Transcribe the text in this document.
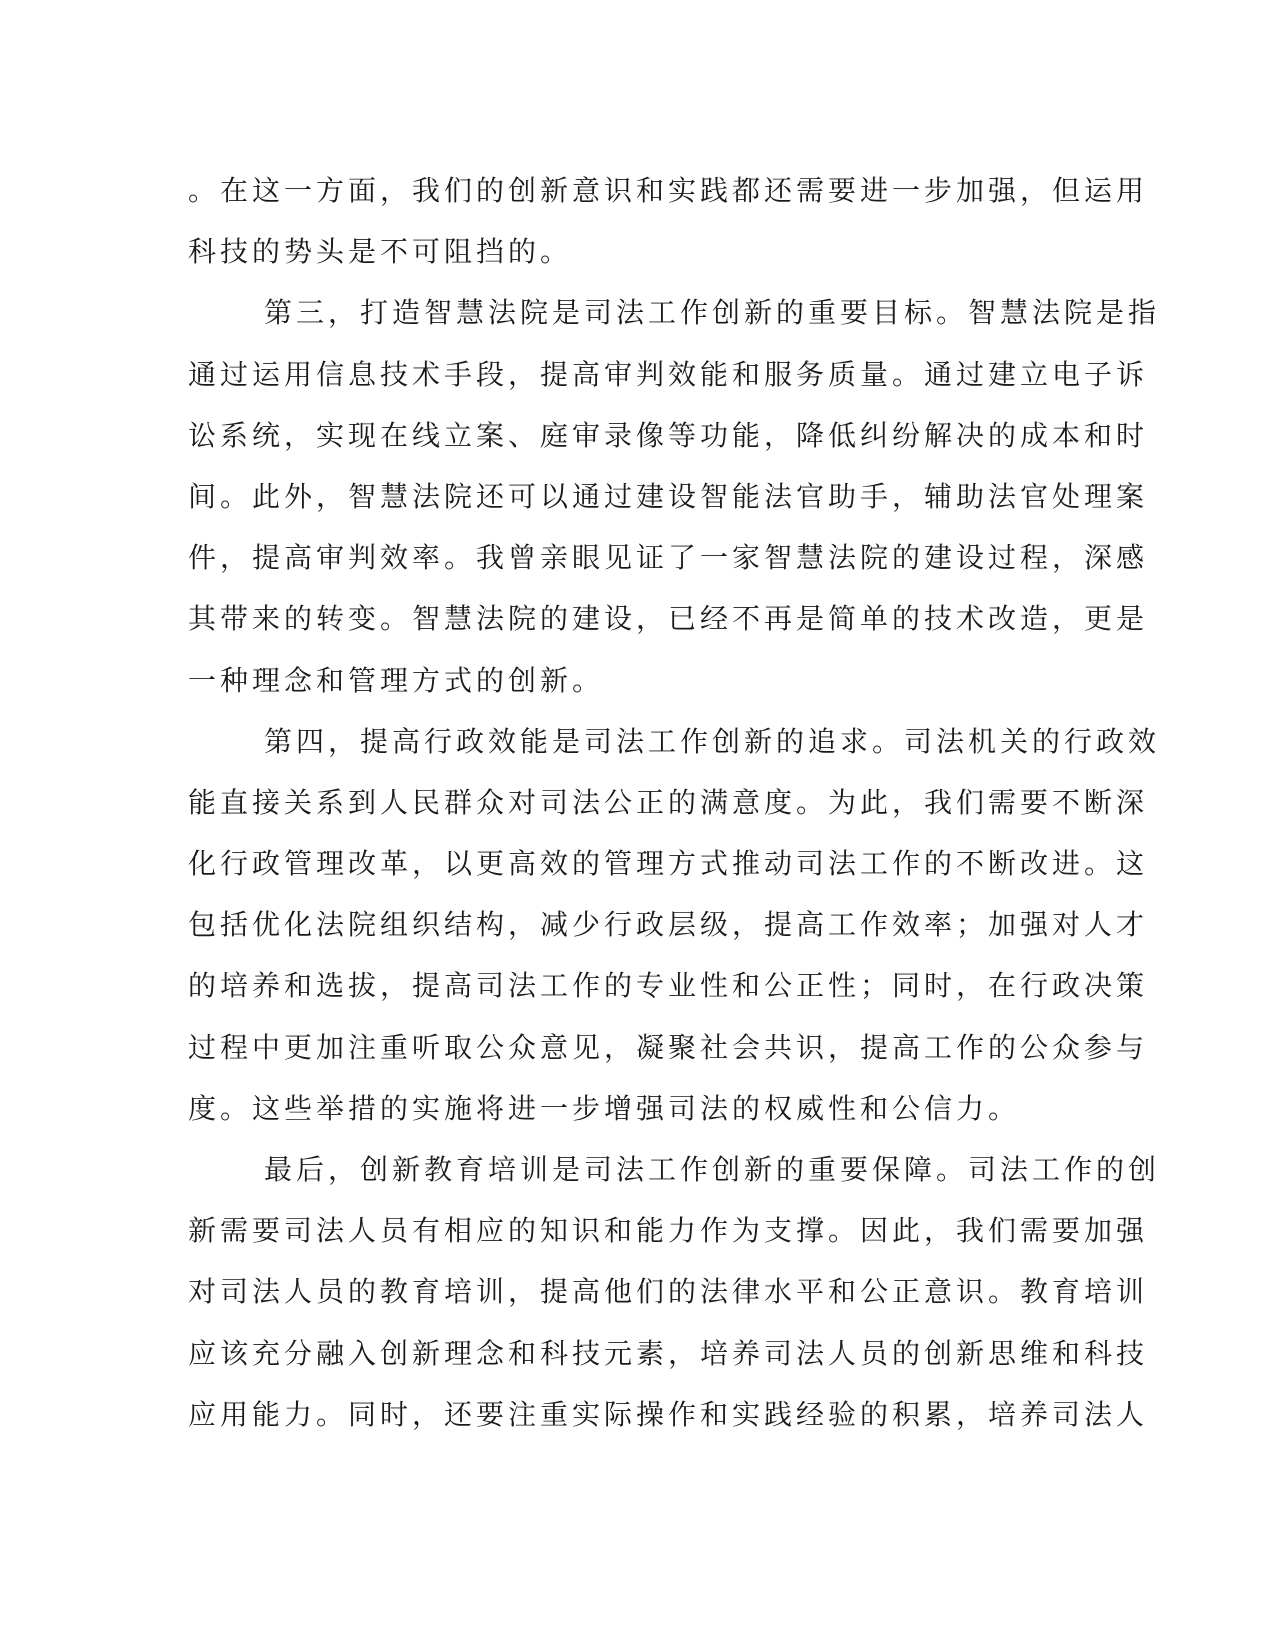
。在这一方面，我们的创新意识和实践都还需要进一步加强，但运用
科技的势头是不可阻挡的。
第三，打造智慧法院是司法工作创新的重要目标。智慧法院是指
通过运用信息技术手段，提高审判效能和服务质量。通过建立电子诉
讼系统，实现在线立案、庭审录像等功能，降低纠纷解决的成本和时
间。此外，智慧法院还可以通过建设智能法官助手，辅助法官处理案
件，提高审判效率。我曾亲眼见证了一家智慧法院的建设过程，深感
其带来的转变。智慧法院的建设，已经不再是简单的技术改造，更是
一种理念和管理方式的创新。
第四，提高行政效能是司法工作创新的追求。司法机关的行政效
能直接关系到人民群众对司法公正的满意度。为此，我们需要不断深
化行政管理改革，以更高效的管理方式推动司法工作的不断改进。这
包括优化法院组织结构，减少行政层级，提高工作效率；加强对人才
的培养和选拔，提高司法工作的专业性和公正性；同时，在行政决策
过程中更加注重听取公众意见，凝聚社会共识，提高工作的公众参与
度。这些举措的实施将进一步增强司法的权威性和公信力。
最后，创新教育培训是司法工作创新的重要保障。司法工作的创
新需要司法人员有相应的知识和能力作为支撑。因此，我们需要加强
对司法人员的教育培训，提高他们的法律水平和公正意识。教育培训
应该充分融入创新理念和科技元素，培养司法人员的创新思维和科技
应用能力。同时，还要注重实际操作和实践经验的积累，培养司法人
